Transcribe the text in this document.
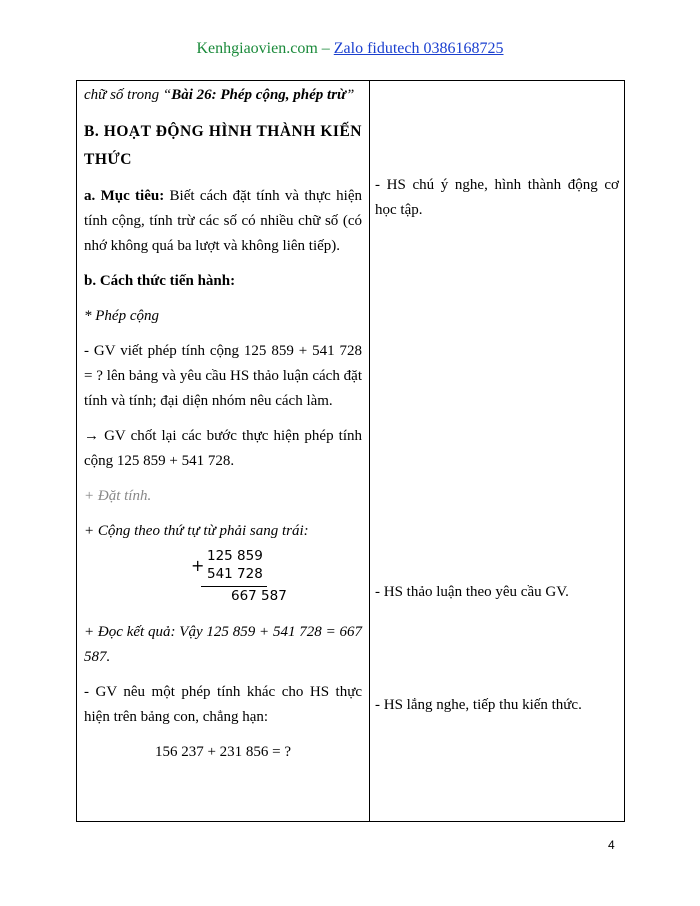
Kenhgiaovien.com – Zalo fidutech 0386168725

chữ số trong “Bài 26: Phép cộng, phép trừ”

B. HOẠT ĐỘNG HÌNH THÀNH KIẾN THỨC

a. Mục tiêu: Biết cách đặt tính và thực hiện tính cộng, tính trừ các số có nhiều chữ số (có nhớ không quá ba lượt và không liên tiếp).

b. Cách thức tiến hành:

* Phép cộng

- GV viết phép tính cộng 125 859 + 541 728 = ? lên bảng và yêu cầu HS thảo luận cách đặt tính và tính; đại diện nhóm nêu cách làm.

→ GV chốt lại các bước thực hiện phép tính cộng 125 859 + 541 728.

+ Đặt tính.

+ Cộng theo thứ tự từ phải sang trái:

125 859
+ 541 728
667 587

+ Đọc kết quả: Vậy 125 859 + 541 728 = 667 587.

- GV nêu một phép tính khác cho HS thực hiện trên bảng con, chẳng hạn:

156 237 + 231 856 = ?

- HS chú ý nghe, hình thành động cơ học tập.

- HS thảo luận theo yêu cầu GV.

- HS lắng nghe, tiếp thu kiến thức.

4
